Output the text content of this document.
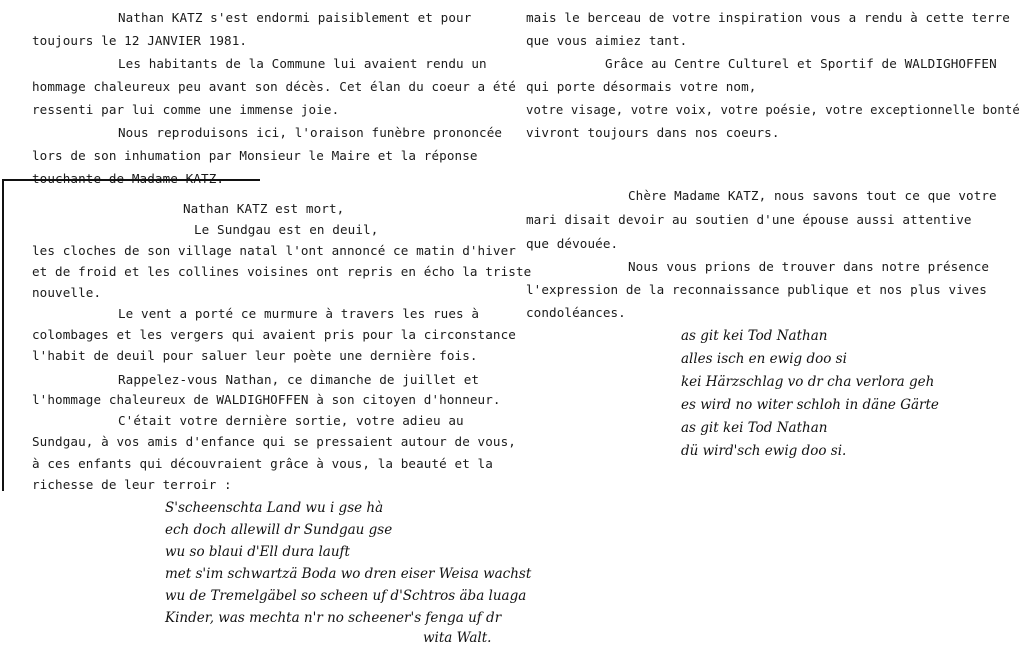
Nathan KATZ s'est endormi paisiblement et pour
toujours le 12 JANVIER 1981.
Les habitants de la Commune lui avaient rendu un
hommage chaleureux peu avant son décès. Cet élan du coeur a été
ressenti par lui comme une immense joie.
Nous reproduisons ici, l'oraison funèbre prononcée
lors de son inhumation par Monsieur le Maire et la réponse
Nathan KATZ est mort,
Le Sundgau est en deuil,
les cloches de son village natal l'ont annoncé ce matin d'hiver
et de froid et les collines voisines ont repris en écho la triste
nouvelle.
Le vent a porté ce murmure à travers les rues à
colombages et les vergers qui avaient pris pour la circonstance
l'habit de deuil pour saluer leur poète une dernière fois.
Rappelez-vous Nathan, ce dimanche de juillet et
l'hommage chaleureux de WALDIGHOFFEN à son citoyen d'honneur.
C'était votre dernière sortie, votre adieu au
Sundgau, à vos amis d'enfance qui se pressaient autour de vous,
à ces enfants qui découvraient grâce à vous, la beauté et la
richesse de leur terroir :
S'scheenschta Land wu i gse hà
ech doch allewill dr Sundgau gse
wu so blaui d'Ell dura lauft
met s'im schwartzä Boda wo dren eiser Weisa wachst
wu de Tremelgäbel so scheen uf d'Schtros äba luaga
Kinder, was mechta n'r no scheener's fenga uf dr
wita Walt.
mais le berceau de votre inspiration vous a rendu à cette terre
que vous aimiez tant.
Grâce au Centre Culturel et Sportif de WALDIGHOFFEN
qui porte désormais votre nom,
votre visage, votre voix, votre poésie, votre exceptionnelle bonté
vivront toujours dans nos coeurs.
Chère Madame KATZ, nous savons tout ce que votre
mari disait devoir au soutien d'une épouse aussi attentive
que dévouée.
Nous vous prions de trouver dans notre présence
l'expression de la reconnaissance publique et nos plus vives
condoléances.
as git kei Tod Nathan
alles isch en ewig doo si
kei Härzschlag vo dr cha verlora geh
es wird no witer schloh in däne Gärte
as git kei Tod Nathan
dü wird'sch ewig doo si.
